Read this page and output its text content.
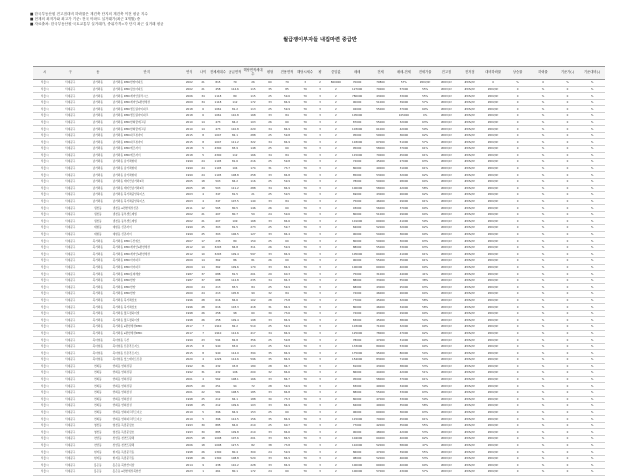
■ 한국부동산원 전고점대비 하락률은 재건축 단지의 재건축 이전 평균 지수
■ 현재의 최저가와 최고가 기준: 전국 아파트 실거래가(최근 3개월) 중
■ 자료출처: 한국부동산원·국토교통부 실거래가, 중위가격=각 단지 최근 실거래 평균
월급쟁이부자들 내집마련 중급반
시	구	동	단지	연식	나이	전체세대수	공급면적	해당면적세대수	평형	전용면적	해당시세수	평	중앙값	매매	전세	매매-전세	전세가율	전고점	전저점	대비하락률	상승률	하락률	기준가(-)	기준대비(-)
서울시	서대문구	남가좌동	남가좌동 DMC한양아파트	2002	21	815	79	26	60	79	3	2	800000	70000	79800	57%	#DIV/0!	#DIV/0!	#DIV/0!	0	%	0	%	%
서울시	서대문구	남가좌동	남가좌동 DMC삼호아파트	2002	21	458	114.6	115	35	85	79	3	2	127000	70000	57000	55%	#DIV/0!	#DIV/0!	#DIV/0!	0	%	0	%
서울시	서대문구	남가좌동	남가좌동 DMC래미안클라시스	2006	34	1118	89	115	25	59.6	79	3	2	780000	43000	33000	55%	#DIV/0!	#DIV/0!	#DIV/0!	0	%	0	%
서울시	서대문구	남가좌동	남가좌동 DMC래미안e편한세상	2009	34	1118	112	172	33	84.9	79	3	2	90000	51000	39000	57%	#DIV/0!	#DIV/0!	#DIV/0!	0	%	0	%
서울시	서대문구	남가좌동	남가좌동 DMC센트럴아이파크	2018	6	1061	81.2	113	25	59.9	79	3	2	92000	55000	37000	60%	#DIV/0!	#DIV/0!	#DIV/0!	0	%	0	%
서울시	서대문구	남가좌동	남가좌동 DMC센트럴아이파크	2018	6	1061	110.8	168	33	84	79	3	2	105000		105000	0%	#DIV/0!	#DIV/0!	#DIV/0!	0	%	0	%
서울시	서대문구	남가좌동	남가좌동 DMC한화꿈에그린	2010	14	473	84.2	103	26	60	79	3	2	87000	55000	32000	63%	#DIV/0!	#DIV/0!	#DIV/0!	0	%	0	%
서울시	서대문구	남가좌동	남가좌동 DMC한화꿈에그린	2010	14	473	110.8	229	34	84.9	79	3	2	103000	61000	42000	59%	#DIV/0!	#DIV/0!	#DIV/0!	0	%	0	%
서울시	서대문구	남가좌동	남가좌동 DMC파크뷰자이	2015	8	1047	82.1	288	25	59.8	79	3	2	95000	59000	36000	62%	#DIV/0!	#DIV/0!	#DIV/0!	0	%	0	%
서울시	서대문구	남가좌동	남가좌동 DMC파크뷰자이	2015	8	1047	111.2	322	34	84.9	79	3	2	118000	67000	51000	57%	#DIV/0!	#DIV/0!	#DIV/0!	0	%	0	%
서울시	서대문구	남가좌동	남가좌동 DMC에코자이	2018	5	4300	83.9	148	25	60	79	3	2	95000	58000	37000	61%	#DIV/0!	#DIV/0!	#DIV/0!	0	%	0	%
서울시	서대문구	남가좌동	남가좌동 DMC에코자이	2018	5	4300	112	166	34	84	79	3	2	115000	70000	45000	61%	#DIV/0!	#DIV/0!	#DIV/0!	0	%	0	%
서울시	서대문구	남가좌동	남가좌동 남가좌현대	1999	24	1105	81.6	216	25	59.8	79	3	2	72000	45000	27000	63%	#DIV/0!	#DIV/0!	#DIV/0!	0	%	0	%
서울시	서대문구	남가좌동	남가좌동 남가좌현대	1999	24	1105	104	174	31	73.7	79	3	2	80000	49000	31000	61%	#DIV/0!	#DIV/0!	#DIV/0!	0	%	0	%
서울시	서대문구	남가좌동	남가좌동 남가좌현대	1999	24	1105	108.8	258	33	84.8	79	3	2	85000	53000	32000	62%	#DIV/0!	#DIV/0!	#DIV/0!	0	%	0	%
서울시	서대문구	남가좌동	남가좌동 래미안남가좌2차	2005	18	503	84.2	116	25	59.9	79	3	2	78000	50000	28000	64%	#DIV/0!	#DIV/0!	#DIV/0!	0	%	0	%
서울시	서대문구	남가좌동	남가좌동 래미안남가좌2차	2005	18	503	111.2	288	34	84.9	79	3	2	100000	58000	42000	58%	#DIV/0!	#DIV/0!	#DIV/0!	0	%	0	%
서울시	서대문구	남가좌동	남가좌동 북가좌중앙하이츠	2003	4	347	81.5	21	25	59.5	79	3	2	69000	43000	26000	62%	#DIV/0!	#DIV/0!	#DIV/0!	0	%	0	%
서울시	서대문구	남가좌동	남가좌동 북가좌중앙하이츠	2003	4	347	107.5	140	33	84	79	3	2	75000	46000	29000	61%	#DIV/0!	#DIV/0!	#DIV/0!	0	%	0	%
서울시	서대문구	냉천동	냉천동 e편한세상신촌	2011	12	565	80.5	146	26	60	79	3	2	93000	56000	37000	60%	#DIV/0!	#DIV/0!	#DIV/0!	0	%	0	%
서울시	서대문구	냉천동	냉천동 동부센트레빌	2002	21	407	80.7	59	24	59.6	79	3	2	80000	51000	29000	64%	#DIV/0!	#DIV/0!	#DIV/0!	0	%	0	%
서울시	서대문구	냉천동	냉천동 동부센트레빌	2002	21	407	109	168	33	84.6	79	3	2	101000	60000	41000	59%	#DIV/0!	#DIV/0!	#DIV/0!	0	%	0	%
서울시	서대문구	대현동	대현동 신촌자이	1999	25	303	81.5	273	25	59.7	79	3	2	84000	52000	32000	62%	#DIV/0!	#DIV/0!	#DIV/0!	0	%	0	%
서울시	서대문구	대현동	대현동 신촌자이	1999	25	303	106.5	127	33	84.4	79	3	2	90000	54000	36000	60%	#DIV/0!	#DIV/0!	#DIV/0!	0	%	0	%
서울시	서대문구	북가좌동	북가좌동 DMC두산위브	2007	17	235	80	150	25	60	79	3	2	80000	50000	30000	63%	#DIV/0!	#DIV/0!	#DIV/0!	0	%	0	%
서울시	서대문구	북가좌동	북가좌동 DMC래미안e편한세상	2012	10	3293	84.8	311	26	59.9	79	3	2	88000	55000	33000	63%	#DIV/0!	#DIV/0!	#DIV/0!	0	%	0	%
서울시	서대문구	북가좌동	북가좌동 DMC래미안e편한세상	2012	10	3293	109.4	597	33	84.9	79	3	2	105000	64000	41000	61%	#DIV/0!	#DIV/0!	#DIV/0!	0	%	0	%
서울시	서대문구	북가좌동	북가좌동 DMC아이파크	2009	14	362	86	81	26	60	79	3	2	90000	55000	35000	61%	#DIV/0!	#DIV/0!	#DIV/0!	0	%	0	%
서울시	서대문구	북가좌동	북가좌동 DMC아이파크	2009	14	362	109.6	170	33	84.9	79	3	2	100000	60000	40000	60%	#DIV/0!	#DIV/0!	#DIV/0!	0	%	0	%
서울시	서대문구	북가좌동	북가좌동 DMC롯데캐슬	1987	37	688	81.5	201	29	60.3	79	3	2	75000	31000	44000	41%	#DIV/0!	#DIV/0!	#DIV/0!	0	%	0	%
서울시	서대문구	북가좌동	북가좌동 DMC한양	1987	37	688	112.8	235	34	84.3	79	3	2	88000	33000	55000	38%	#DIV/0!	#DIV/0!	#DIV/0!	0	%	0	%
서울시	서대문구	북가좌동	북가좌동 DMC한양	2000	24	213	83.5	84	25	59.9	79	3	2	68000	43000	25000	63%	#DIV/0!	#DIV/0!	#DIV/0!	0	%	0	%
서울시	서대문구	북가좌동	북가좌동 DMC한양	2000	24	213	105.8	99	32	84	79	3	2	72000	46000	26000	64%	#DIV/0!	#DIV/0!	#DIV/0!	0	%	0	%
서울시	서대문구	북가좌동	북가좌동 북가좌삼호	1996	28	616	84.6	102	28	73.8	79	3	2	77000	45000	32000	58%	#DIV/0!	#DIV/0!	#DIV/0!	0	%	0	%
서울시	서대문구	북가좌동	북가좌동 북가좌삼호	1996	28	616	103.3	418	31	84.9	79	3	2	80000	46000	34000	58%	#DIV/0!	#DIV/0!	#DIV/0!	0	%	0	%
서울시	서대문구	북가좌동	북가좌동 월드컵하이빌	1998	26	258	98	60	30	73.6	79	3	2	72000	43000	29000	60%	#DIV/0!	#DIV/0!	#DIV/0!	0	%	0	%
서울시	서대문구	북가좌동	북가좌동 월드컵하이빌	1998	26	258	109.4	198	33	84.9	79	3	2	83000	45000	38000	54%	#DIV/0!	#DIV/0!	#DIV/0!	0	%	0	%
서울시	서대문구	북가좌동	북가좌동 e편한세상DMC	2017	7	1910	82.2	510	25	59.9	79	3	2	103000	71000	32000	69%	#DIV/0!	#DIV/0!	#DIV/0!	0	%	0	%
서울시	서대문구	북가좌동	북가좌동 e편한세상DMC	2017	7	1910	112.6	417	34	84.9	79	3	2	125000	78000	47000	62%	#DIV/0!	#DIV/0!	#DIV/0!	0	%	0	%
서울시	서대문구	북아현동	북아현동 두산	1999	23	594	82.8	356	25	59.8	79	3	2	78000	47000	31000	60%	#DIV/0!	#DIV/0!	#DIV/0!	0	%	0	%
서울시	서대문구	북아현동	북아현동 신촌푸르지오	2015	8	940	83.6	113	25	59.9	79	3	2	133000	80000	53000	60%	#DIV/0!	#DIV/0!	#DIV/0!	0	%	0	%
서울시	서대문구	북아현동	북아현동 신촌푸르지오	2015	8	940	114.9	394	35	84.9	79	3	2	175000	95000	80000	54%	#DIV/0!	#DIV/0!	#DIV/0!	0	%	0	%
서울시	서대문구	북아현동	북아현동 힐스테이트신촌	2020	4	1226	114.6	596	35	84.9	79	3	2	154000	83000	71000	54%	#DIV/0!	#DIV/0!	#DIV/0!	0	%	0	%
서울시	서대문구	연희동	연희동 연희성원	1992	31	432	93.8	180	28	84.7	79	3	2	81000	43000	38000	53%	#DIV/0!	#DIV/0!	#DIV/0!	0	%	0	%
서울시	서대문구	연희동	연희동 연희성원	1992	31	432	106	200	32	84.6	79	3	2	86000	44000	42000	51%	#DIV/0!	#DIV/0!	#DIV/0!	0	%	0	%
서울시	서대문구	연희동	연희동 연희성원	2001	4	562	108.1	166	33	84.7	79	3	2	95000	58000	37000	61%	#DIV/0!	#DIV/0!	#DIV/0!	0	%	0	%
서울시	서대문구	연희동	연희동 연희성원	2005	20	251	94	72	28	59.9	79	3	2	83000	49000	34000	59%	#DIV/0!	#DIV/0!	#DIV/0!	0	%	0	%
서울시	서대문구	연희동	연희동 연희삼성	2001	22	581	108.5	185	33	84.8	79	3	2	88000	55000	33000	63%	#DIV/0!	#DIV/0!	#DIV/0!	0	%	0	%
서울시	서대문구	연희동	연희동 연희삼성	1998	25	212	84.1	188	30	73.3	79	3	2	80000	47000	33000	59%	#DIV/0!	#DIV/0!	#DIV/0!	0	%	0	%
서울시	서대문구	연희동	연희동 연희삼성	1998	25	212	109.6	103	33	84.9	79	3	2	84000	49000	35000	58%	#DIV/0!	#DIV/0!	#DIV/0!	0	%	0	%
서울시	서대문구	연희동	연희동 연희파크푸르지오	2019	5	396	84.9	153	25	60	79	3	2	96000	60000	36000	63%	#DIV/0!	#DIV/0!	#DIV/0!	0	%	0	%
서울시	서대문구	연희동	연희동 연희파크푸르지오	2019	5	396	112.5	156	35	84.9	79	3	2	115000	70000	45000	61%	#DIV/0!	#DIV/0!	#DIV/0!	0	%	0	%
서울시	서대문구	영천동	영천동 독립문삼호	1993	30	885	84.6	210	25	60.7	79	3	2	77000	42000	35000	55%	#DIV/0!	#DIV/0!	#DIV/0!	0	%	0	%
서울시	서대문구	영천동	영천동 독립문삼호	1993	30	885	109.8	210	33	84.6	79	3	2	90000	48000	42000	53%	#DIV/0!	#DIV/0!	#DIV/0!	0	%	0	%
서울시	서대문구	천연동	천연동 천연뜨란채	2005	18	1008	107.6	201	33	84.5	79	3	2	104000	64000	40000	62%	#DIV/0!	#DIV/0!	#DIV/0!	0	%	0	%
서울시	서대문구	천연동	천연동 천연뜨란채	2006	18	1008	127.5	82	38	73.8	79	3	2	110000	52000	58000	47%	#DIV/0!	#DIV/0!	#DIV/0!	0	%	0	%
서울시	서대문구	현저동	현저동 독립문극동	1998	26	1300	80.4	300	24	59.9	79	3	2	86000	47000	39000	55%	#DIV/0!	#DIV/0!	#DIV/0!	0	%	0	%
서울시	서대문구	현저동	현저동 독립문극동	1998	26	1300	108.8	520	33	84.9	79	3	2	98000	52000	46000	53%	#DIV/0!	#DIV/0!	#DIV/0!	0	%	0	%
서울시	서대문구	홍은동	홍은동 북한산더샵	2014	9	438	110.2	228	33	84.9	79	3	2	100000	60000	40000	60%	#DIV/0!	#DIV/0!	#DIV/0!	0	%	0	%
서울시	서대문구	홍은동	홍은동 e편한세상북한산	2023	1	461	80.1	172	24	60	79	3	2	100000	57000	43000	57%	#DIV/0!	#DIV/0!	#DIV/0!	0	%	0	%
